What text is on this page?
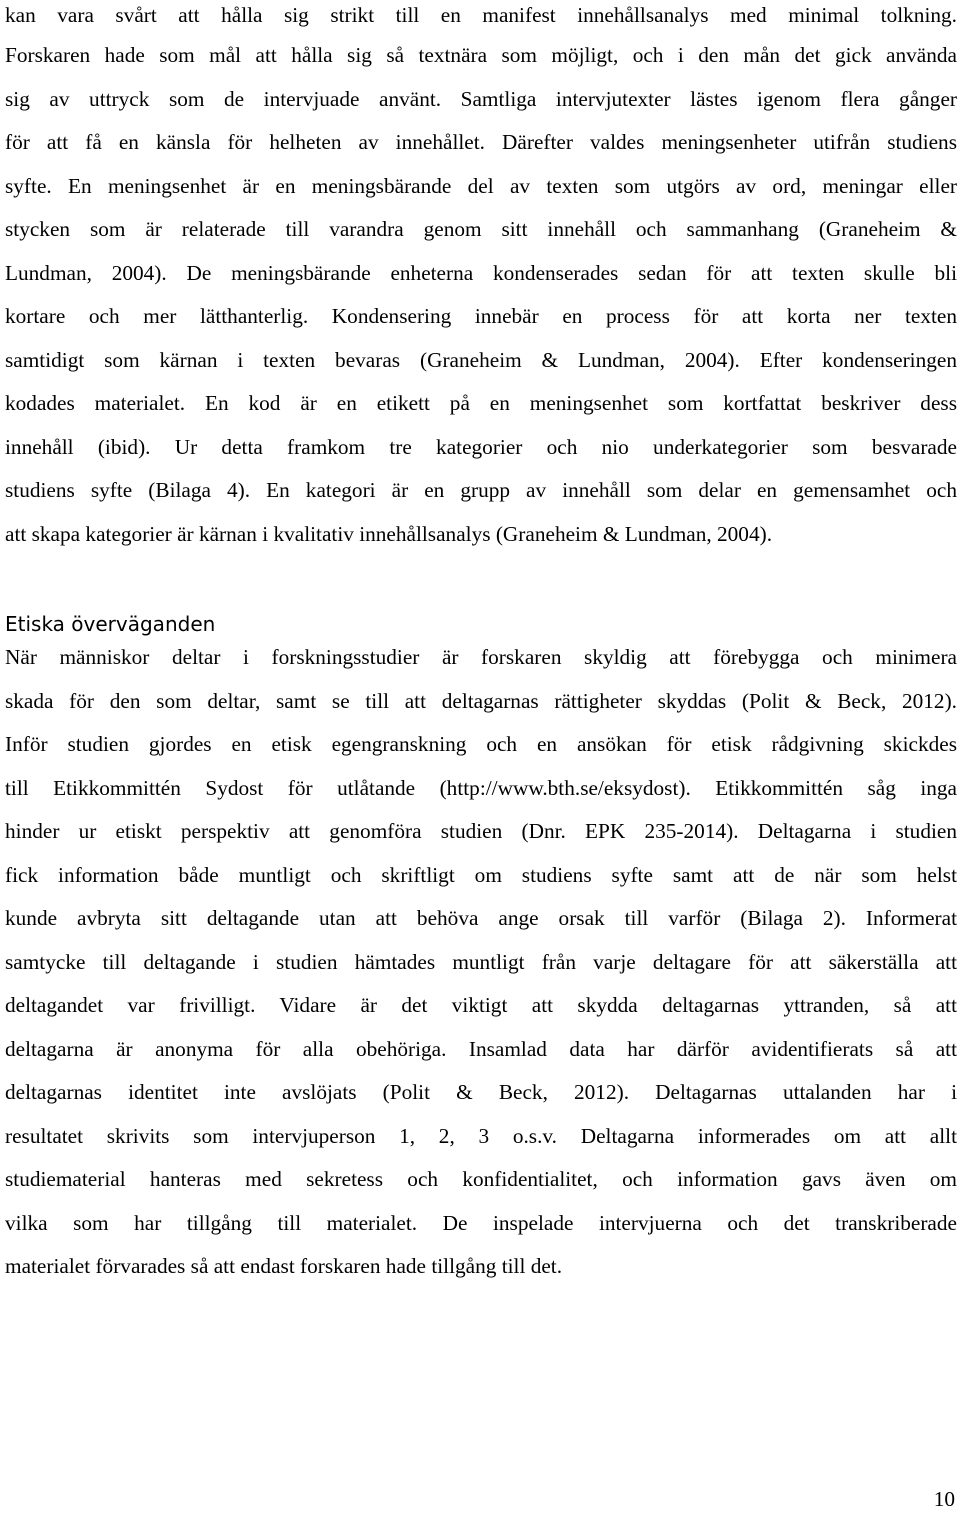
kan vara svårt att hålla sig strikt till en manifest innehållsanalys med minimal tolkning.
Forskaren hade som mål att hålla sig så textnära som möjligt, och i den mån det gick använda
sig av uttryck som de intervjuade använt. Samtliga intervjutexter lästes igenom flera gånger
för att få en känsla för helheten av innehållet. Därefter valdes meningsenheter utifrån studiens
syfte. En meningsenhet är en meningsbärande del av texten som utgörs av ord, meningar eller
stycken som är relaterade till varandra genom sitt innehåll och sammanhang (Graneheim &
Lundman, 2004). De meningsbärande enheterna kondenserades sedan för att texten skulle bli
kortare och mer lätthanterlig. Kondensering innebär en process för att korta ner texten
samtidigt som kärnan i texten bevaras (Graneheim & Lundman, 2004). Efter kondenseringen
kodades materialet. En kod är en etikett på en meningsenhet som kortfattat beskriver dess
innehåll (ibid). Ur detta framkom tre kategorier och nio underkategorier som besvarade
studiens syfte (Bilaga 4). En kategori är en grupp av innehåll som delar en gemensamhet och
att skapa kategorier är kärnan i kvalitativ innehållsanalys (Graneheim & Lundman, 2004).
Etiska överväganden
När människor deltar i forskningsstudier är forskaren skyldig att förebygga och minimera
skada för den som deltar, samt se till att deltagarnas rättigheter skyddas (Polit & Beck, 2012).
Inför studien gjordes en etisk egengranskning och en ansökan för etisk rådgivning skickdes
till Etikkommittén Sydost för utlåtande (http://www.bth.se/eksydost). Etikkommittén såg inga
hinder ur etiskt perspektiv att genomföra studien (Dnr. EPK 235-2014). Deltagarna i studien
fick information både muntligt och skriftligt om studiens syfte samt att de när som helst
kunde avbryta sitt deltagande utan att behöva ange orsak till varför (Bilaga 2). Informerat
samtycke till deltagande i studien hämtades muntligt från varje deltagare för att säkerställa att
deltagandet var frivilligt. Vidare är det viktigt att skydda deltagarnas yttranden, så att
deltagarna är anonyma för alla obehöriga. Insamlad data har därför avidentifierats så att
deltagarnas identitet inte avslöjats (Polit & Beck, 2012). Deltagarnas uttalanden har i
resultatet skrivits som intervjuperson 1, 2, 3 o.s.v. Deltagarna informerades om att allt
studiematerial hanteras med sekretess och konfidentialitet, och information gavs även om
vilka som har tillgång till materialet. De inspelade intervjuerna och det transkriberade
materialet förvarades så att endast forskaren hade tillgång till det.
10
